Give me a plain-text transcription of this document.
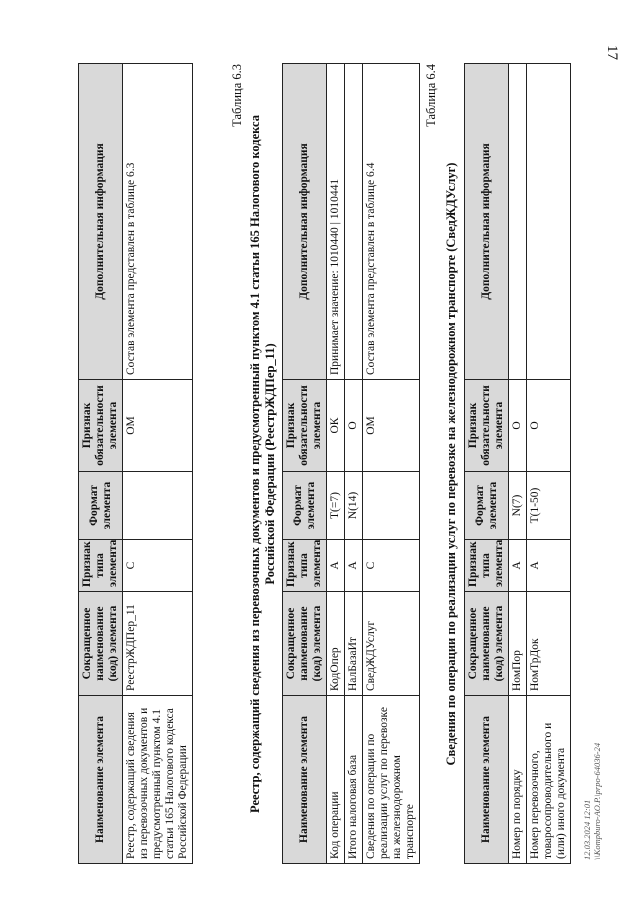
17
Наименование элемента	Сокращенное наименование (код) элемента	Признак типа элемента	Формат элемента	Признак обязательности элемента	Дополнительная информация
Реестр, содержащий сведения из перевозочных документов и предусмотренный пунктом 4.1 статьи 165 Налогового кодекса Российской Федерации	РеестрЖДПер_11	С		ОМ	Состав элемента представлен в таблице 6.3
Таблица 6.3
Реестр, содержащий сведения из перевозочных документов и предусмотренный пунктом 4.1 статьи 165 Налогового кодекса Российской Федерации (РеестрЖДПер_11)
Наименование элемента	Сокращенное наименование (код) элемента	Признак типа элемента	Формат элемента	Признак обязательности элемента	Дополнительная информация
Код операции	КодОпер	А	T(=7)	ОК	Принимает значение: 1010440 | 1010441
Итого налоговая база	НалБазаИт	А	N(14)	О	
Сведения по операции по реализации услуг по перевозке на железнодорожном транспорте	СведЖДУслуг	С		ОМ	Состав элемента представлен в таблице 6.4
Таблица 6.4
Сведения по операции по реализации услуг по перевозке на железнодорожном транспорте (СведЖДУслуг)
Наименование элемента	Сокращенное наименование (код) элемента	Признак типа элемента	Формат элемента	Признак обязательности элемента	Дополнительная информация
Номер по порядку	НомПор	А	N(7)	О	
Номер перевозочного, товаросопроводительного и (или) иного документа	НомТрДок	А	T(1-50)	О	
12.03.2024 12:01 \\Kompburo-AO.P.\prpo-64036-24
